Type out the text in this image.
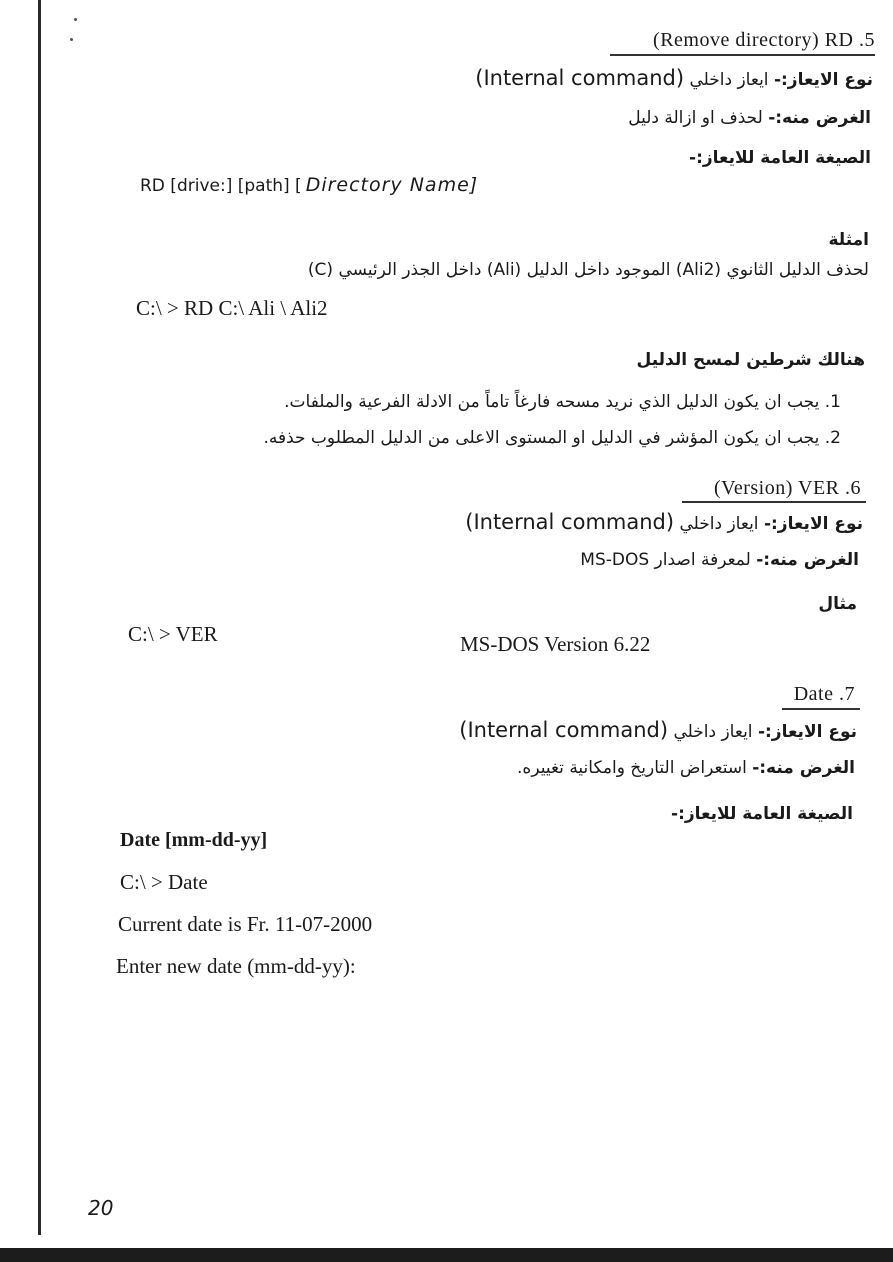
(Remove directory) RD .5
نوع الايعاز:- ايعاز داخلي (Internal command)
الغرض منه:- لحذف او ازالة دليل
الصيغة العامة للايعاز:-
RD [drive:] [path] [ Directory Name]
امثلة
لحذف الدليل الثانوي (Ali2) الموجود داخل الدليل (Ali) داخل الجذر الرئيسي (C)
C:\ > RD C:\ Ali \ Ali2
هنالك شرطين لمسح الدليل
1. يجب ان يكون الدليل الذي نريد مسحه فارغاً تاماً من الادلة الفرعية والملفات.
2. يجب ان يكون المؤشر في الدليل او المستوى الاعلى من الدليل المطلوب حذفه.
(Version) VER .6
نوع الايعاز:- ايعاز داخلي (Internal command)
الغرض منه:- لمعرفة اصدار MS-DOS
مثال
C:\ > VER	MS-DOS Version 6.22
Date .7
نوع الايعاز:- ايعاز داخلي (Internal command)
الغرض منه:- استعراض التاريخ وامكانية تغييره.
الصيغة العامة للايعاز:-
Date [mm-dd-yy]
C:\ > Date
Current date is Fr. 11-07-2000
Enter new date (mm-dd-yy):
20
